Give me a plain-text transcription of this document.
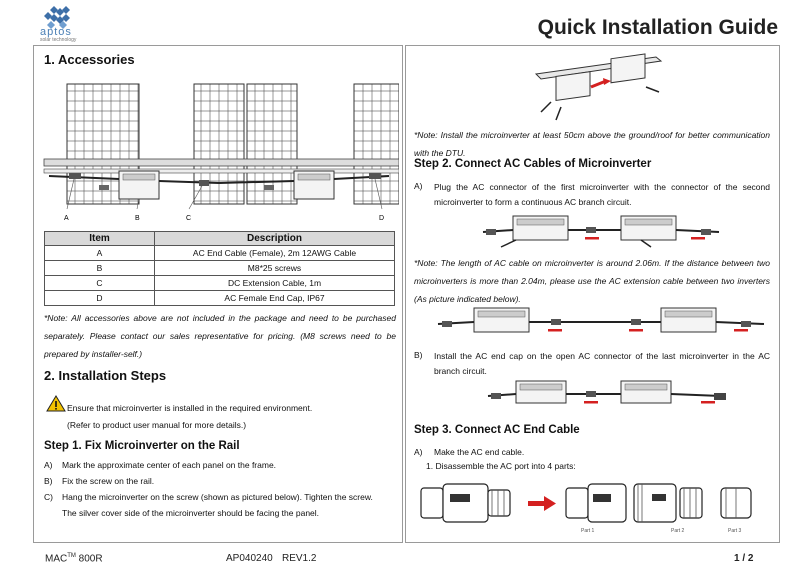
aptos
solar technology
Quick Installation Guide
1. Accessories
A	B	C	D
Item	Description
A	AC End Cable (Female), 2m 12AWG Cable
B	M8*25 screws
C	DC Extension Cable, 1m
D	AC Female End Cap, IP67
*Note: All accessories above are not included in the package and need to be purchased separately. Please contact our sales representative for pricing. (M8 screws need to be prepared by installer-self.)
2. Installation Steps
Ensure that microinverter is installed in the required environment.
(Refer to product user manual for more details.)
Step 1. Fix Microinverter on the Rail
A)	Mark the approximate center of each panel on the frame.
B)	Fix the screw on the rail.
C)	Hang the microinverter on the screw (shown as pictured below). Tighten the screw.
The silver cover side of the microinverter should be facing the panel.
*Note: Install the microinverter at least 50cm above the ground/roof for better communication with the DTU.
Step 2. Connect AC Cables of Microinverter
A)	Plug the AC connector of the first microinverter with the connector of the second microinverter to form a continuous AC branch circuit.
*Note: The length of AC cable on microinverter is around 2.06m. If the distance between two microinverters is more than 2.04m, please use the AC extension cable between two inverters (As picture indicated below).
B)	Install the AC end cap on the open AC connector of the last microinverter in the AC branch circuit.
Step 3. Connect AC End Cable
A)	Make the AC end cable.
1. Disassemble the AC port into 4 parts:
Part 1	Part 2	Part 3
MAC™ 800R	AP040240 REV1.2	1 / 2
